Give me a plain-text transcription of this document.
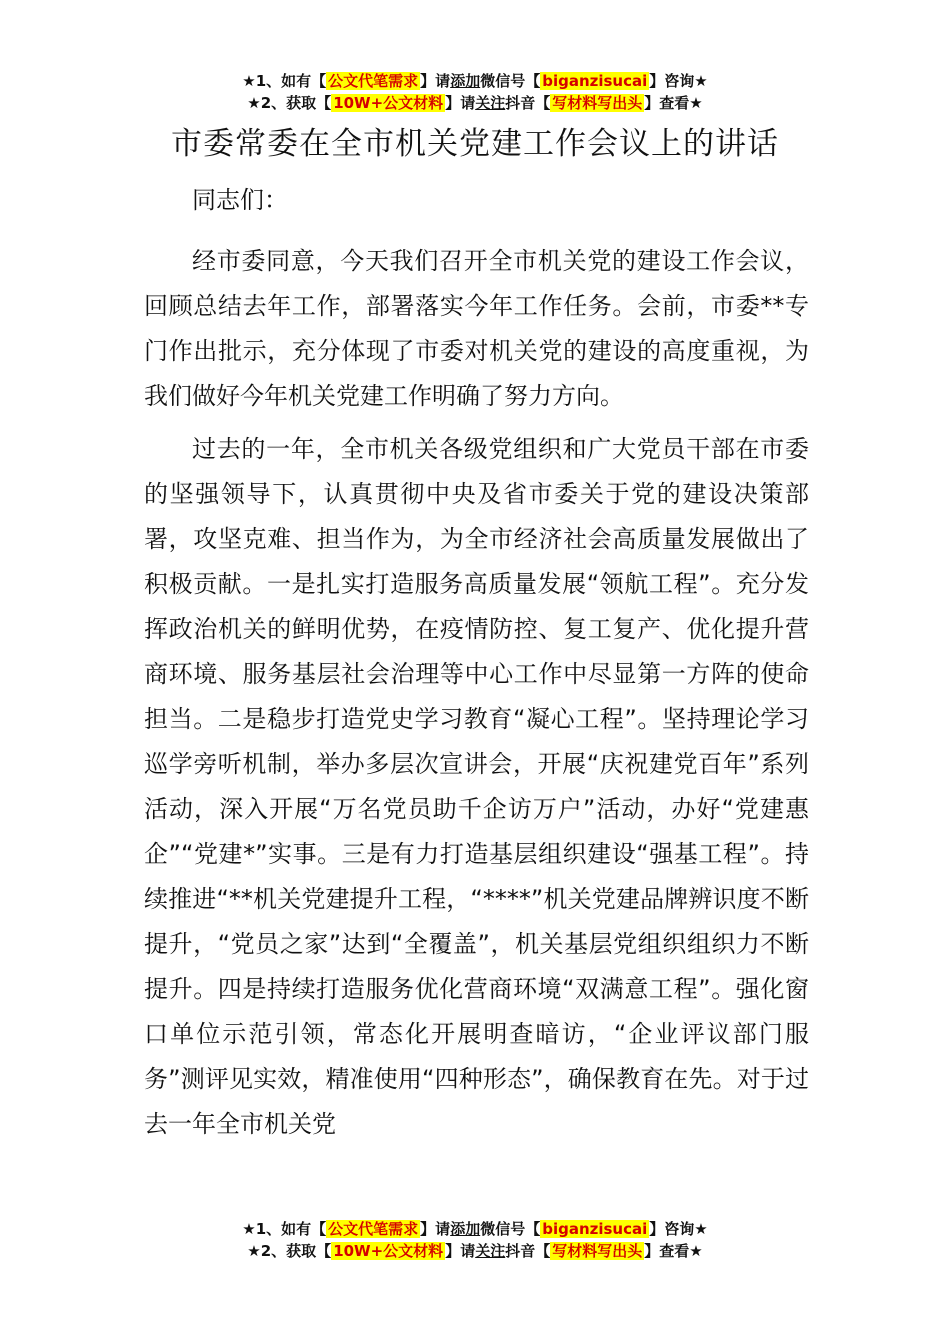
★1、如有【 公文代笔需求 】请添加微信号【 biganzisucai 】咨询★
★2、获取【 10W+公文材料 】请关注抖音【 写材料写出头 】查看★
市委常委在全市机关党建工作会议上的讲话

同志们：

经市委同意，今天我们召开全市机关党的建设工作会议，回顾总结去年工作，部署落实今年工作任务。会前，市委**专门作出批示，充分体现了市委对机关党的建设的高度重视，为我们做好今年机关党建工作明确了努力方向。

过去的一年，全市机关各级党组织和广大党员干部在市委的坚强领导下，认真贯彻中央及省市委关于党的建设决策部署，攻坚克难、担当作为，为全市经济社会高质量发展做出了积极贡献。一是扎实打造服务高质量发展“领航工程”。充分发挥政治机关的鲜明优势，在疫情防控、复工复产、优化提升营商环境、服务基层社会治理等中心工作中尽显第一方阵的使命担当。二是稳步打造党史学习教育“凝心工程”。坚持理论学习巡学旁听机制，举办多层次宣讲会，开展“庆祝建党百年”系列活动，深入开展“万名党员助千企访万户”活动，办好“党建惠企”“党建*”实事。三是有力打造基层组织建设“强基工程”。持续推进“**机关党建提升工程，“****”机关党建品牌辨识度不断提升，“党员之家”达到“全覆盖”，机关基层党组织组织力不断提升。四是持续打造服务优化营商环境“双满意工程”。强化窗口单位示范引领，常态化开展明查暗访，“企业评议部门服务”测评见实效，精准使用“四种形态”，确保教育在先。对于过去一年全市机关党

★1、如有【 公文代笔需求 】请添加微信号【 biganzisucai 】咨询★
★2、获取【 10W+公文材料 】请关注抖音【 写材料写出头 】查看★
